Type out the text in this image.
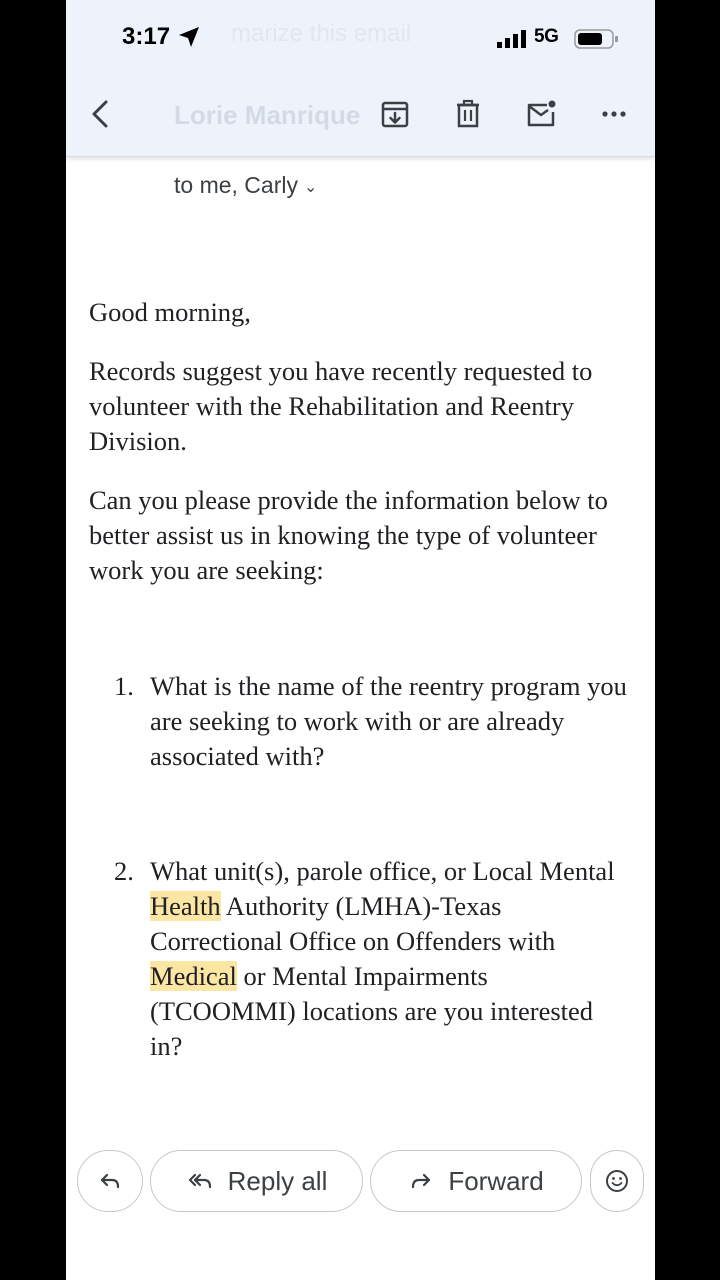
marize this email
Lorie Manrique
3:17	5G
to me, Carly ⌄

Good morning,

Records suggest you have recently requested to volunteer with the Rehabilitation and Reentry Division.

Can you please provide the information below to better assist us in knowing the type of volunteer work you are seeking:

1. What is the name of the reentry program you are seeking to work with or are already associated with?

2. What unit(s), parole office, or Local Mental Health Authority (LMHA)-Texas Correctional Office on Offenders with Medical or Mental Impairments (TCOOMMI) locations are you interested in?

Reply all	Forward
